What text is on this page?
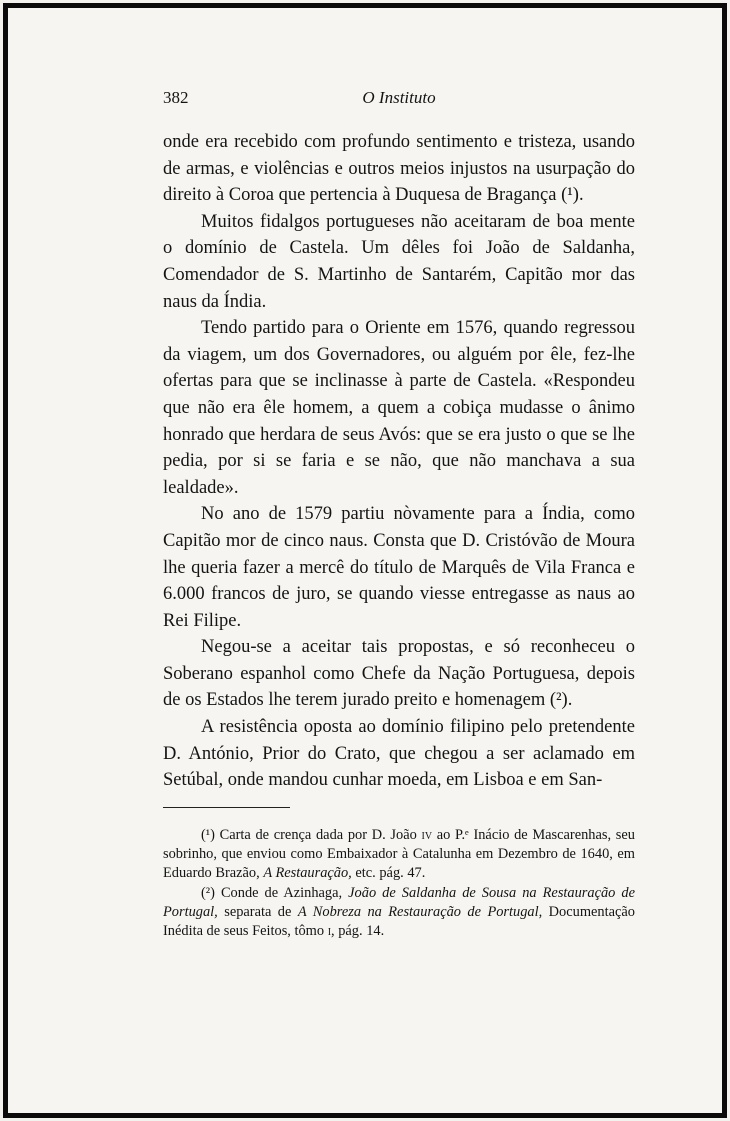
382	O Instituto

onde era recebido com profundo sentimento e tristeza, usando de armas, e violências e outros meios injustos na usurpação do direito à Coroa que pertencia à Duquesa de Bragança (¹).

Muitos fidalgos portugueses não aceitaram de boa mente o domínio de Castela. Um dêles foi João de Saldanha, Comendador de S. Martinho de Santarém, Capitão mor das naus da Índia.

Tendo partido para o Oriente em 1576, quando regressou da viagem, um dos Governadores, ou alguém por êle, fez-lhe ofertas para que se inclinasse à parte de Castela. «Respondeu que não era êle homem, a quem a cobiça mudasse o ânimo honrado que herdara de seus Avós: que se era justo o que se lhe pedia, por si se faria e se não, que não manchava a sua lealdade».

No ano de 1579 partiu nòvamente para a Índia, como Capitão mor de cinco naus. Consta que D. Cristóvão de Moura lhe queria fazer a mercê do título de Marquês de Vila Franca e 6.000 francos de juro, se quando viesse entregasse as naus ao Rei Filipe.

Negou-se a aceitar tais propostas, e só reconheceu o Soberano espanhol como Chefe da Nação Portuguesa, depois de os Estados lhe terem jurado preito e homenagem (²).

A resistência oposta ao domínio filipino pelo pretendente D. António, Prior do Crato, que chegou a ser aclamado em Setúbal, onde mandou cunhar moeda, em Lisboa e em San-

(¹) Carta de crença dada por D. João iv ao P.ᵉ Inácio de Mascarenhas, seu sobrinho, que enviou como Embaixador à Catalunha em Dezembro de 1640, em Eduardo Brazão, A Restauração, etc. pág. 47.

(²) Conde de Azinhaga, João de Saldanha de Sousa na Restauração de Portugal, separata de A Nobreza na Restauração de Portugal, Documentação Inédita de seus Feitos, tômo i, pág. 14.
